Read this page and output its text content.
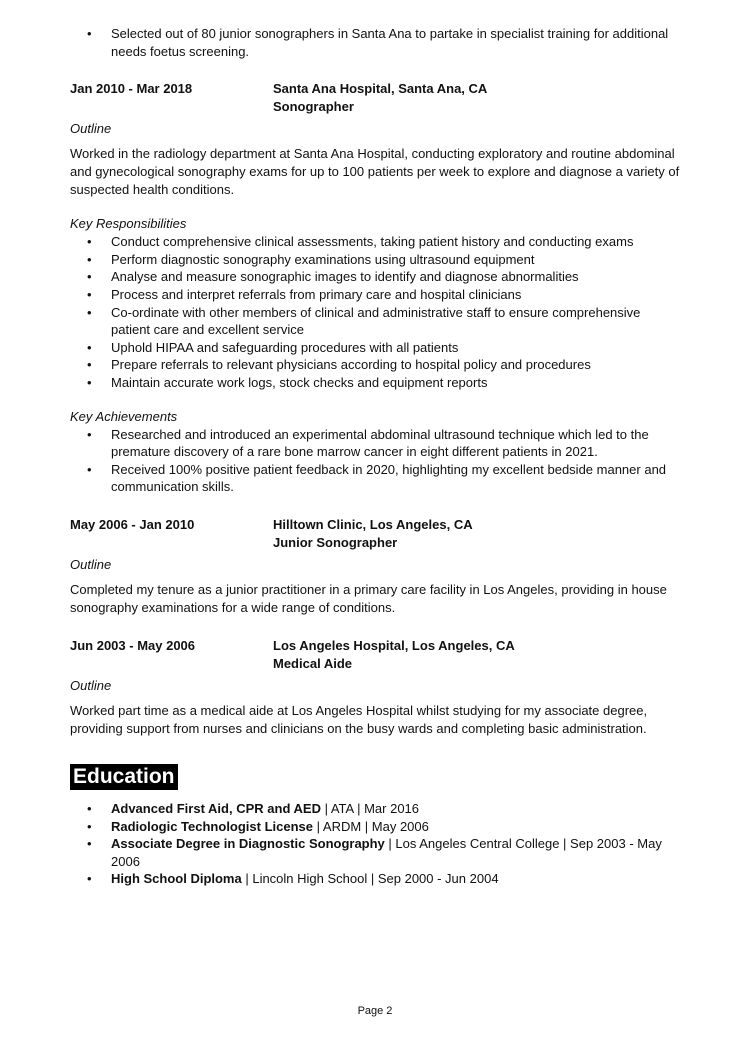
• Selected out of 80 junior sonographers in Santa Ana to partake in specialist training for additional needs foetus screening.
Jan 2010 - Mar 2018	Santa Ana Hospital, Santa Ana, CA
Sonographer
Outline
Worked in the radiology department at Santa Ana Hospital, conducting exploratory and routine abdominal and gynecological sonography exams for up to 100 patients per week to explore and diagnose a variety of suspected health conditions.
Key Responsibilities
• Conduct comprehensive clinical assessments, taking patient history and conducting exams
• Perform diagnostic sonography examinations using ultrasound equipment
• Analyse and measure sonographic images to identify and diagnose abnormalities
• Process and interpret referrals from primary care and hospital clinicians
• Co-ordinate with other members of clinical and administrative staff to ensure comprehensive patient care and excellent service
• Uphold HIPAA and safeguarding procedures with all patients
• Prepare referrals to relevant physicians according to hospital policy and procedures
• Maintain accurate work logs, stock checks and equipment reports
Key Achievements
• Researched and introduced an experimental abdominal ultrasound technique which led to the premature discovery of a rare bone marrow cancer in eight different patients in 2021.
• Received 100% positive patient feedback in 2020, highlighting my excellent bedside manner and communication skills.
May 2006 - Jan 2010	Hilltown Clinic, Los Angeles, CA
Junior Sonographer
Outline
Completed my tenure as a junior practitioner in a primary care facility in Los Angeles, providing in house sonography examinations for a wide range of conditions.
Jun 2003 - May 2006	Los Angeles Hospital, Los Angeles, CA
Medical Aide
Outline
Worked part time as a medical aide at Los Angeles Hospital whilst studying for my associate degree, providing support from nurses and clinicians on the busy wards and completing basic administration.
Education
• Advanced First Aid, CPR and AED | ATA | Mar 2016
• Radiologic Technologist License | ARDM | May 2006
• Associate Degree in Diagnostic Sonography | Los Angeles Central College | Sep 2003 - May 2006
• High School Diploma | Lincoln High School | Sep 2000 - Jun 2004
Page 2
